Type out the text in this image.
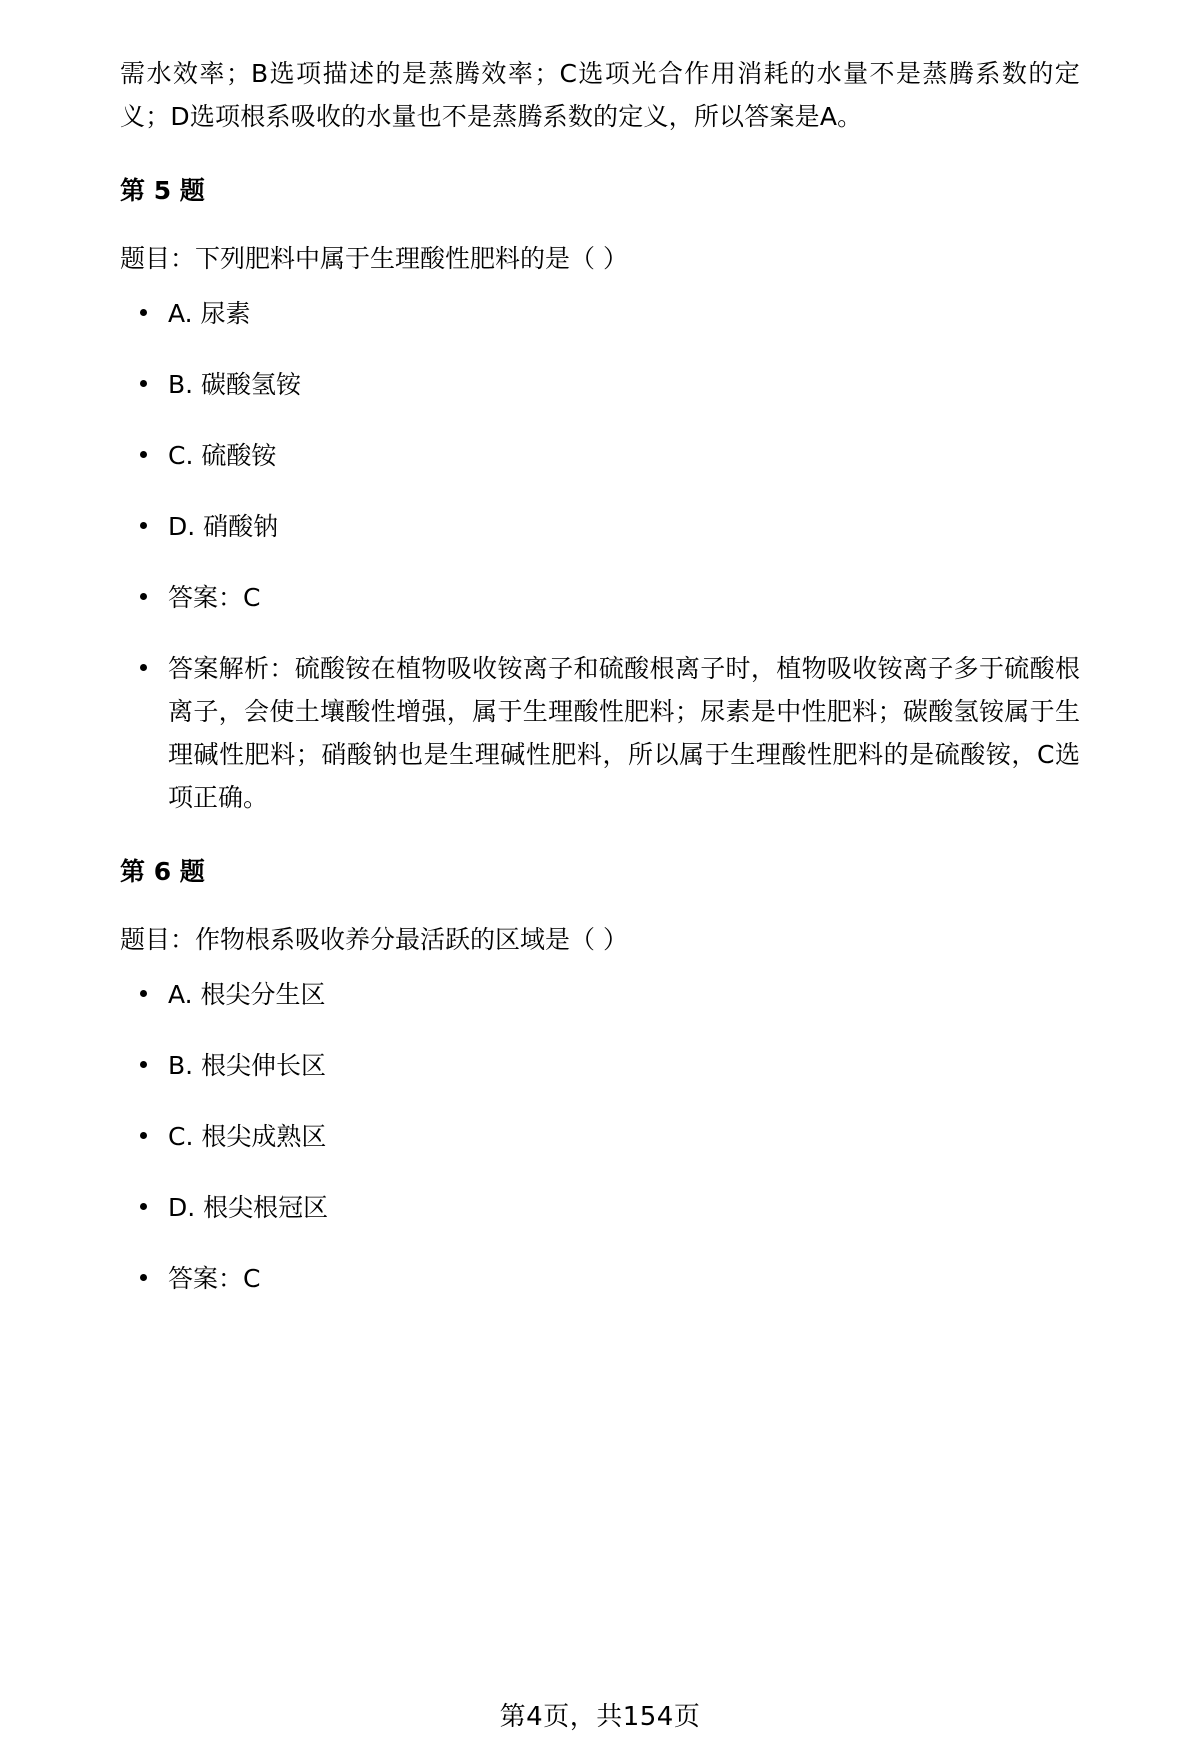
需水效率；B选项描述的是蒸腾效率；C选项光合作用消耗的水量不是蒸腾系数的定义；D选项根系吸收的水量也不是蒸腾系数的定义，所以答案是A。

第 5 题

题目：下列肥料中属于生理酸性肥料的是（ ）

A. 尿素
B. 碳酸氢铵
C. 硫酸铵
D. 硝酸钠
答案：C
答案解析：硫酸铵在植物吸收铵离子和硫酸根离子时，植物吸收铵离子多于硫酸根离子，会使土壤酸性增强，属于生理酸性肥料；尿素是中性肥料；碳酸氢铵属于生理碱性肥料；硝酸钠也是生理碱性肥料，所以属于生理酸性肥料的是硫酸铵，C选项正确。
第 6 题

题目：作物根系吸收养分最活跃的区域是（ ）

A. 根尖分生区
B. 根尖伸长区
C. 根尖成熟区
D. 根尖根冠区
答案：C
第4页，共154页
